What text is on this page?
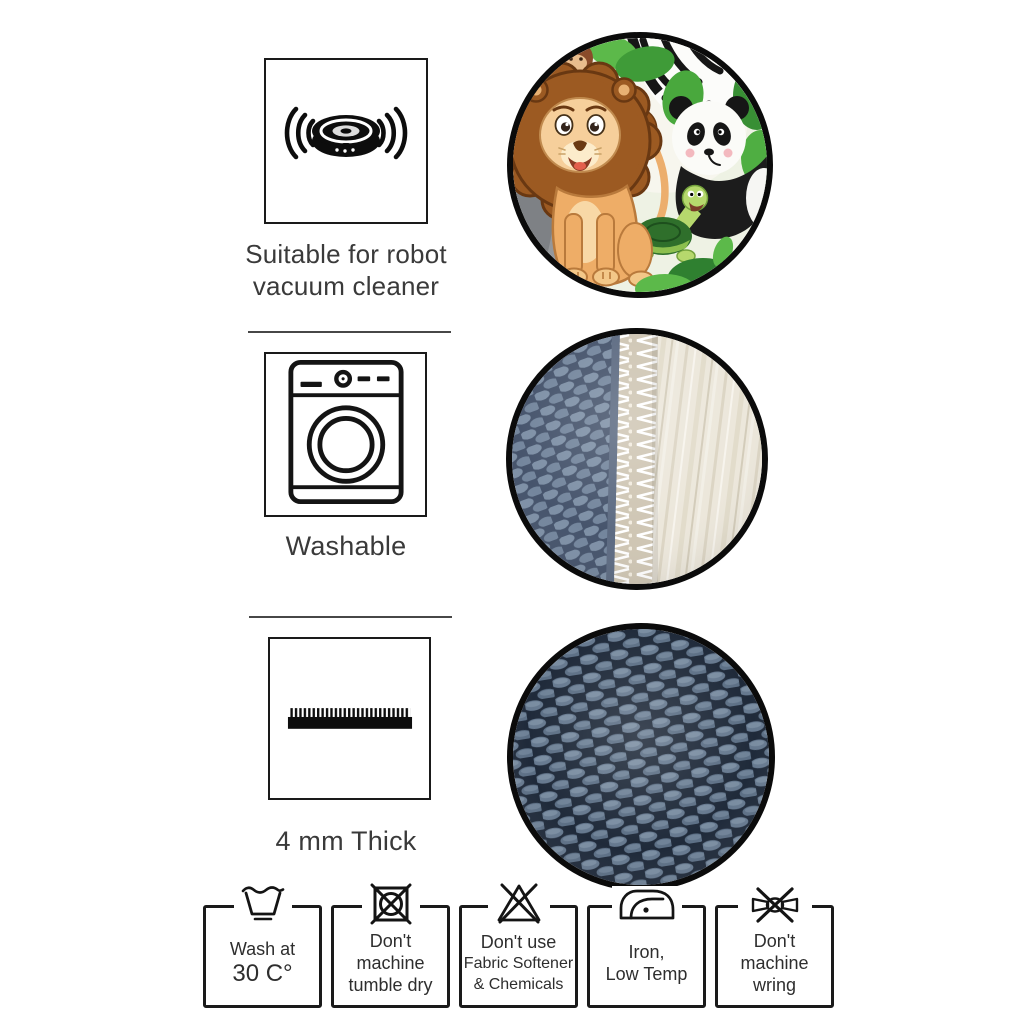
Suitable for robot
vacuum cleaner
Washable
4 mm Thick
Wash at
30 C°
Don't
machine
tumble dry
Don't use
Fabric Softener
& Chemicals
Iron,
Low Temp
Don't
machine
wring
